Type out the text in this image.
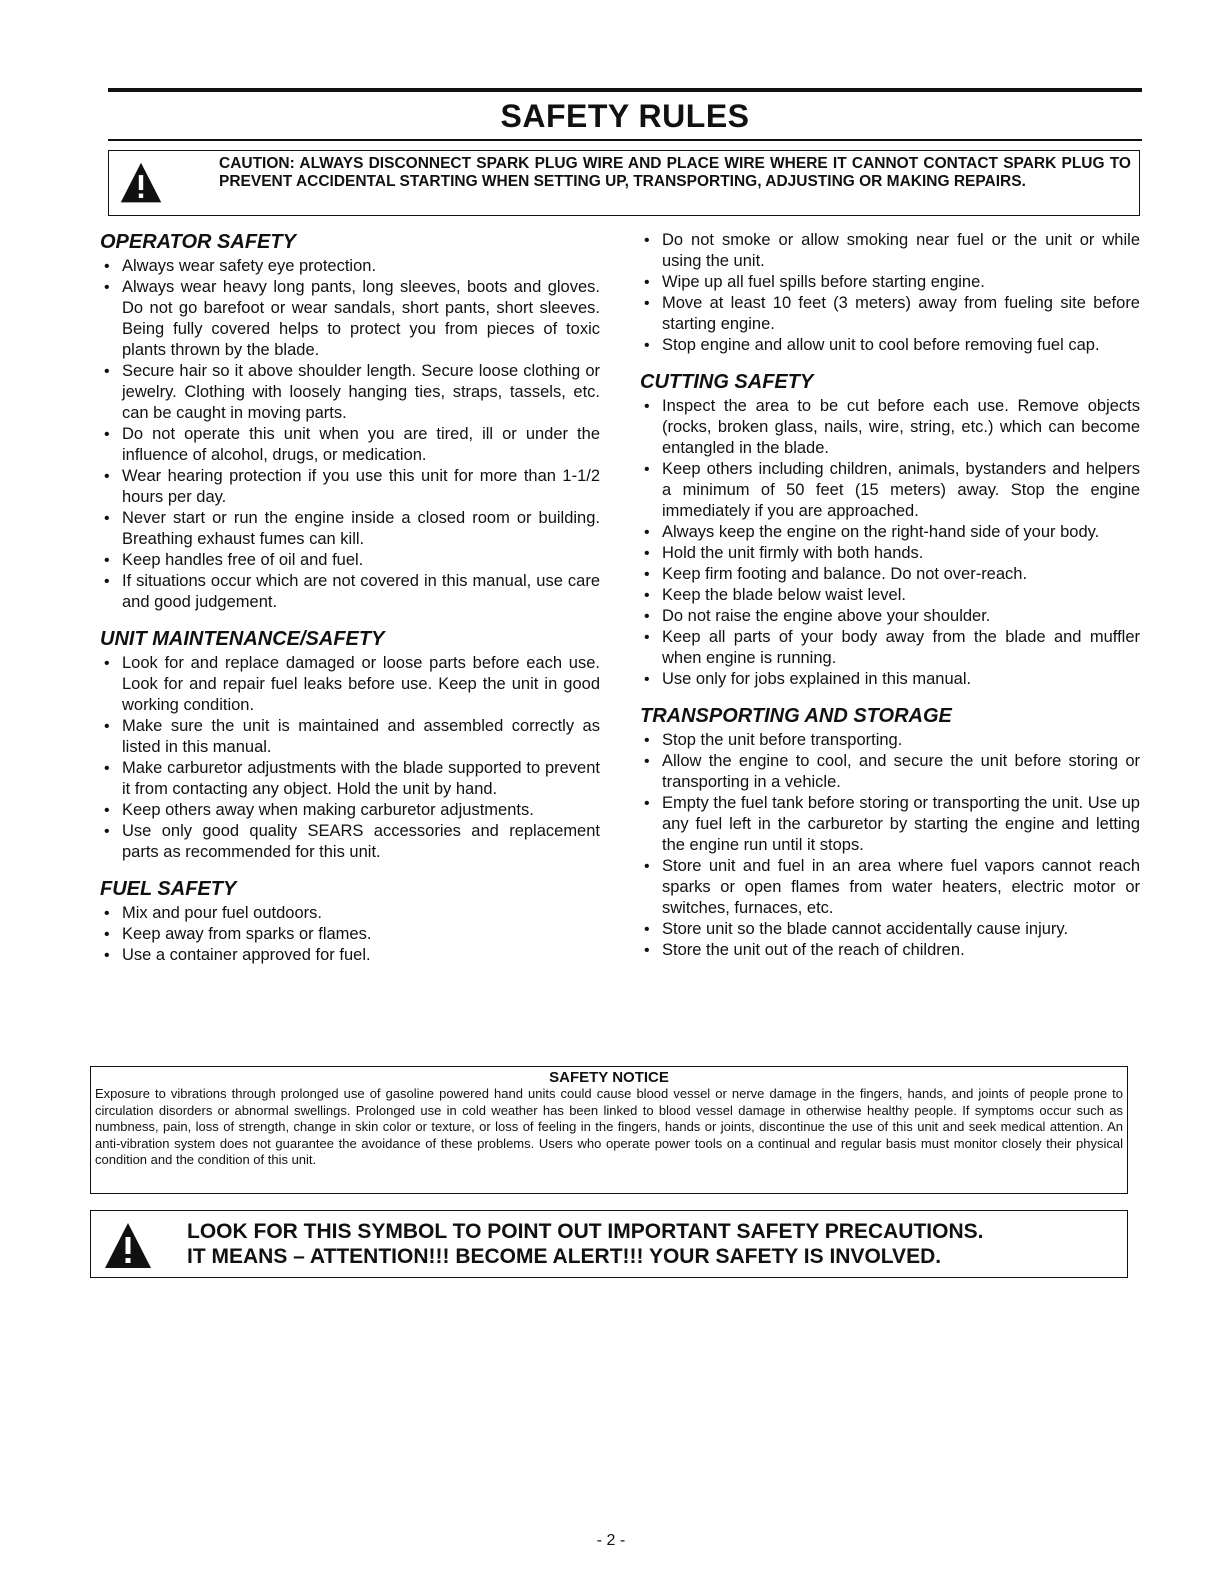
SAFETY RULES

CAUTION: ALWAYS DISCONNECT SPARK PLUG WIRE AND PLACE WIRE WHERE IT CANNOT CONTACT SPARK PLUG TO PREVENT ACCIDENTAL STARTING WHEN SETTING UP, TRANSPORTING, ADJUSTING OR MAKING REPAIRS.

OPERATOR SAFETY
• Always wear safety eye protection.
• Always wear heavy long pants, long sleeves, boots and gloves. Do not go barefoot or wear sandals, short pants, short sleeves. Being fully covered helps to protect you from pieces of toxic plants thrown by the blade.
• Secure hair so it above shoulder length. Secure loose clothing or jewelry. Clothing with loosely hanging ties, straps, tassels, etc. can be caught in moving parts.
• Do not operate this unit when you are tired, ill or under the influence of alcohol, drugs, or medication.
• Wear hearing protection if you use this unit for more than 1-1/2 hours per day.
• Never start or run the engine inside a closed room or building. Breathing exhaust fumes can kill.
• Keep handles free of oil and fuel.
• If situations occur which are not covered in this manual, use care and good judgement.
UNIT MAINTENANCE/SAFETY
• Look for and replace damaged or loose parts before each use. Look for and repair fuel leaks before use. Keep the unit in good working condition.
• Make sure the unit is maintained and assembled correctly as listed in this manual.
• Make carburetor adjustments with the blade supported to prevent it from contacting any object. Hold the unit by hand.
• Keep others away when making carburetor adjustments.
• Use only good quality SEARS accessories and replacement parts as recommended for this unit.
FUEL SAFETY
• Mix and pour fuel outdoors.
• Keep away from sparks or flames.
• Use a container approved for fuel.
• Do not smoke or allow smoking near fuel or the unit or while using the unit.
• Wipe up all fuel spills before starting engine.
• Move at least 10 feet (3 meters) away from fueling site before starting engine.
• Stop engine and allow unit to cool before removing fuel cap.
CUTTING SAFETY
• Inspect the area to be cut before each use. Remove objects (rocks, broken glass, nails, wire, string, etc.) which can become entangled in the blade.
• Keep others including children, animals, bystanders and helpers a minimum of 50 feet (15 meters) away. Stop the engine immediately if you are approached.
• Always keep the engine on the right-hand side of your body.
• Hold the unit firmly with both hands.
• Keep firm footing and balance. Do not over-reach.
• Keep the blade below waist level.
• Do not raise the engine above your shoulder.
• Keep all parts of your body away from the blade and muffler when engine is running.
• Use only for jobs explained in this manual.
TRANSPORTING AND STORAGE
• Stop the unit before transporting.
• Allow the engine to cool, and secure the unit before storing or transporting in a vehicle.
• Empty the fuel tank before storing or transporting the unit. Use up any fuel left in the carburetor by starting the engine and letting the engine run until it stops.
• Store unit and fuel in an area where fuel vapors cannot reach sparks or open flames from water heaters, electric motor or switches, furnaces, etc.
• Store unit so the blade cannot accidentally cause injury.
• Store the unit out of the reach of children.

SAFETY NOTICE

Exposure to vibrations through prolonged use of gasoline powered hand units could cause blood vessel or nerve damage in the fingers, hands, and joints of people prone to circulation disorders or abnormal swellings. Prolonged use in cold weather has been linked to blood vessel damage in otherwise healthy people. If symptoms occur such as numbness, pain, loss of strength, change in skin color or texture, or loss of feeling in the fingers, hands or joints, discontinue the use of this unit and seek medical attention. An anti-vibration system does not guarantee the avoidance of these problems. Users who operate power tools on a continual and regular basis must monitor closely their physical condition and the condition of this unit.

LOOK FOR THIS SYMBOL TO POINT OUT IMPORTANT SAFETY PRECAUTIONS.
IT MEANS – ATTENTION!!! BECOME ALERT!!! YOUR SAFETY IS INVOLVED.

- 2 -
